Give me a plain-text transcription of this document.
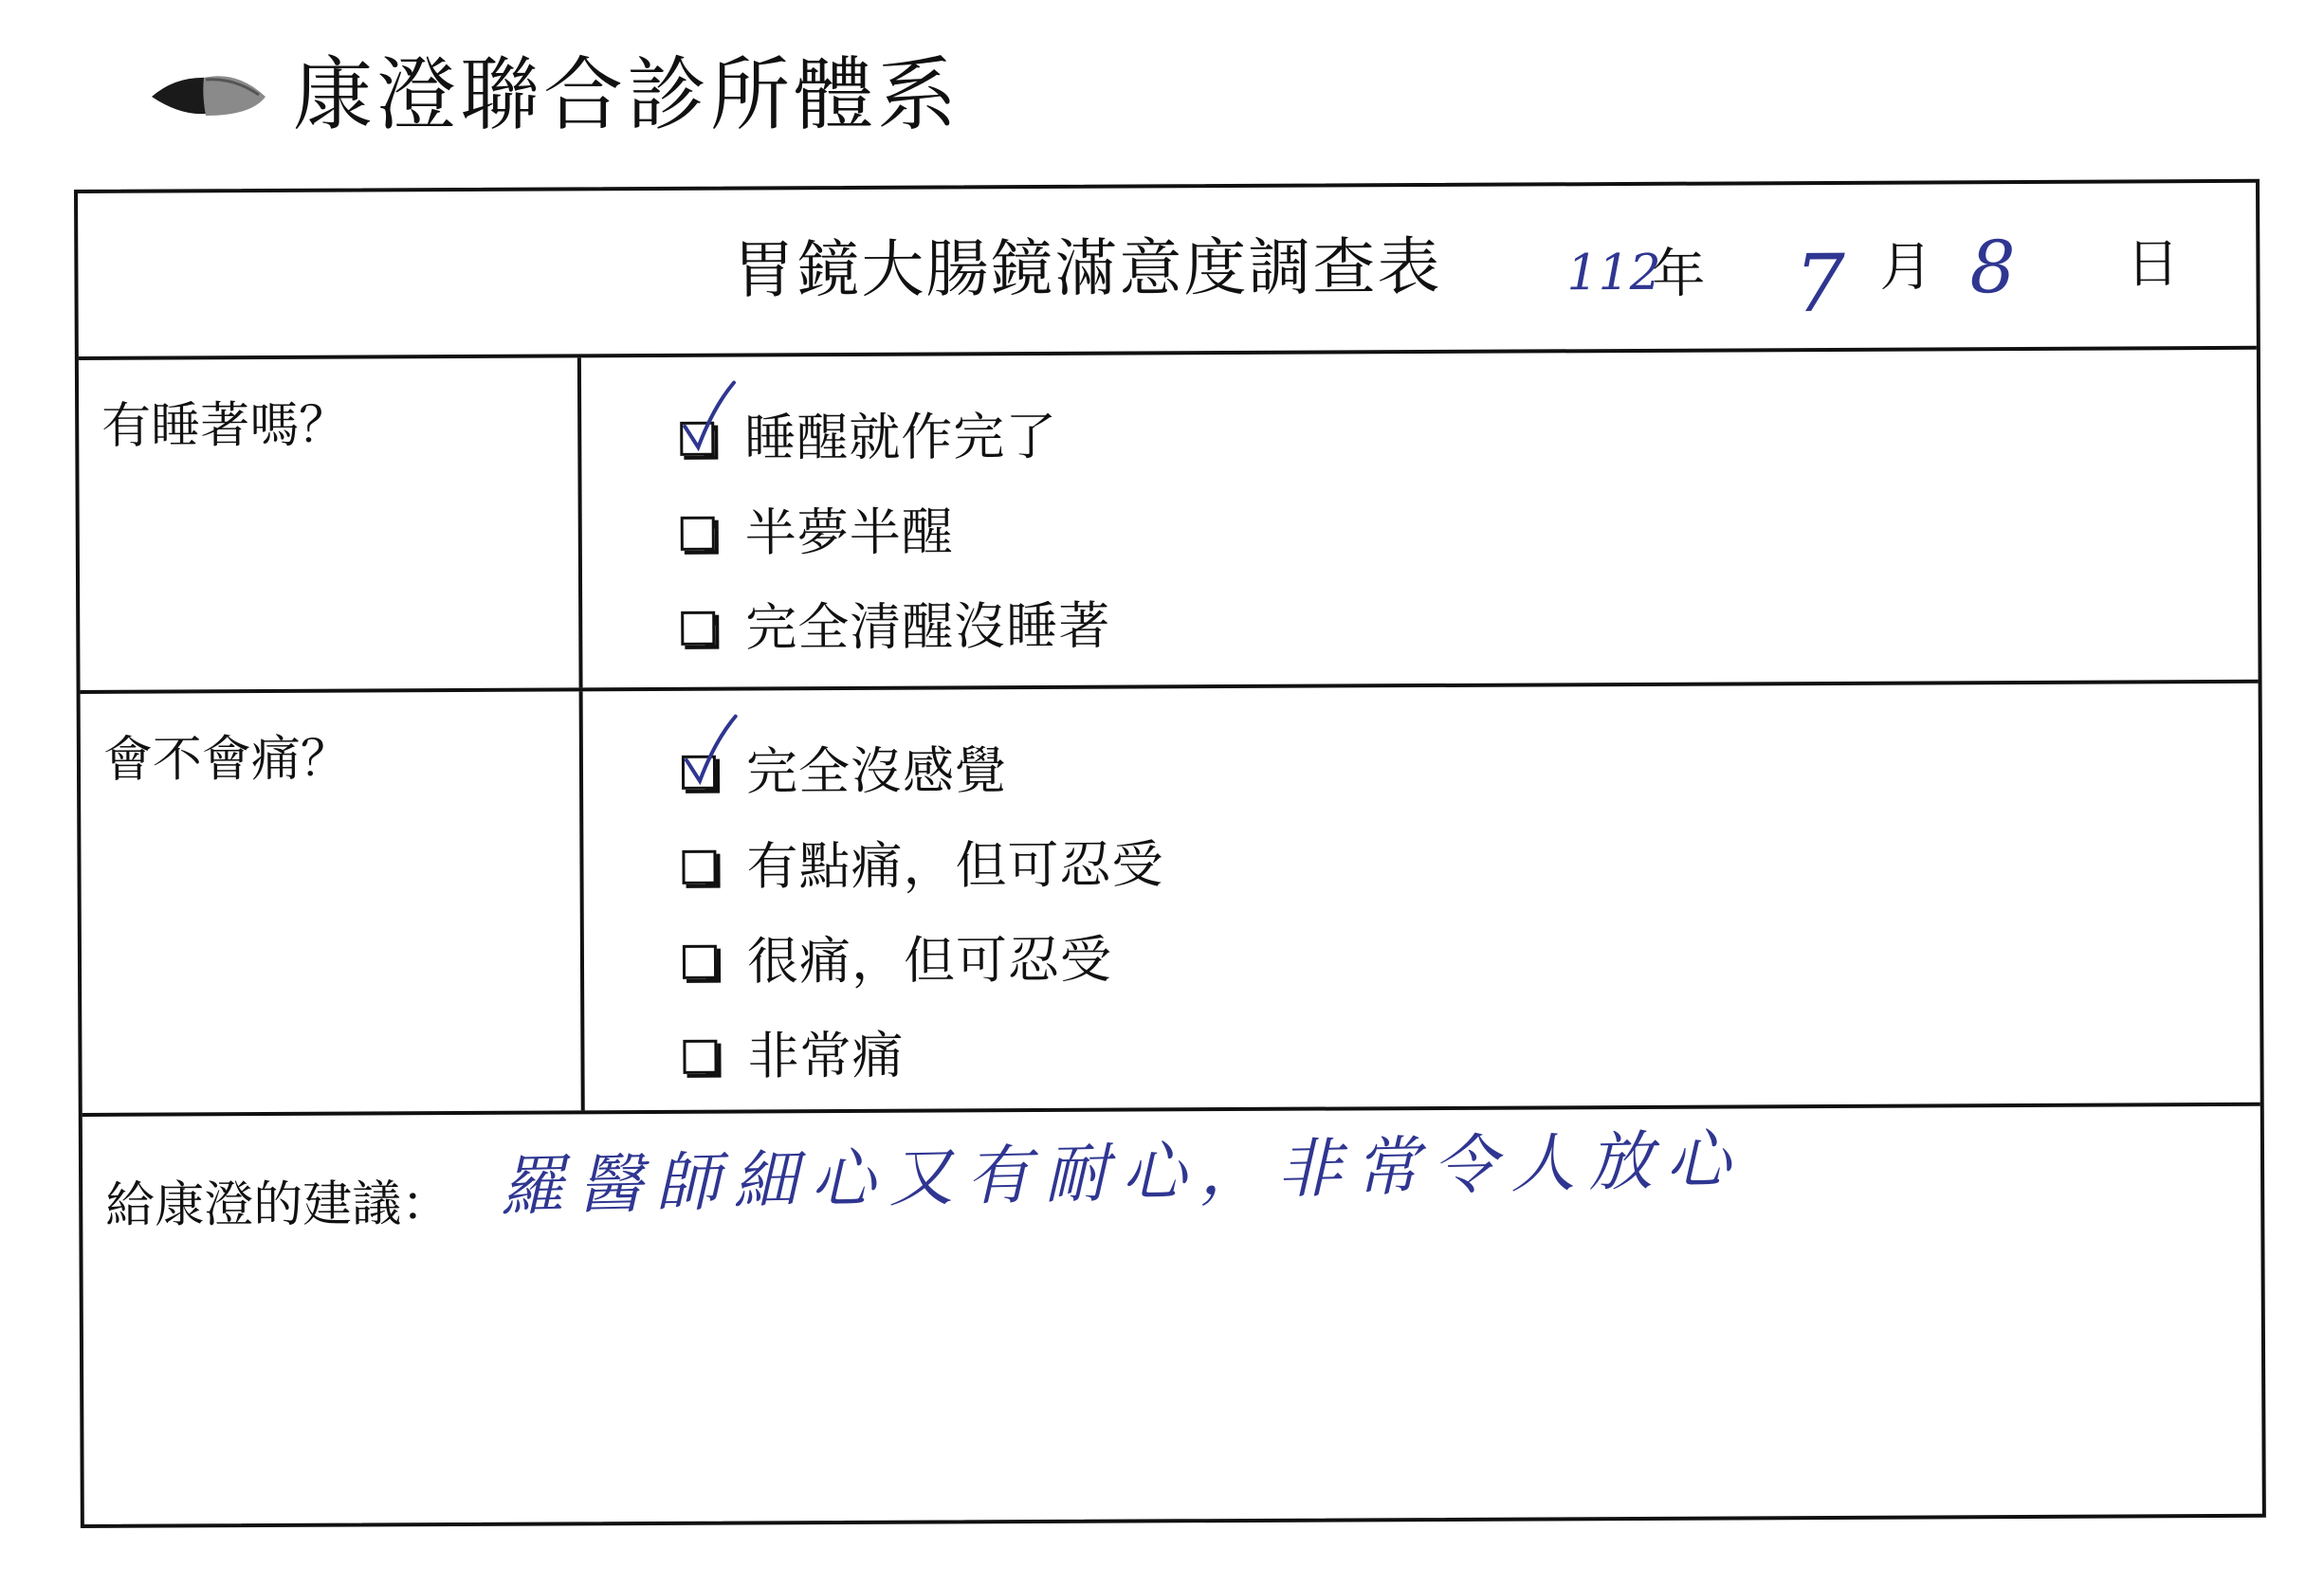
康澄聯合診所體系
胃鏡大腸鏡滿意度調查表	112
年 7 月 8 日
有睡著嗎？	睡醒就作完了
半夢半醒
完全清醒沒睡著
會不會痛？	完全沒感覺
有點痛，但可忍受
很痛，但可忍受
非常痛
給康澄的建議： 羅醫師細心又有耐心，非常令人放心
